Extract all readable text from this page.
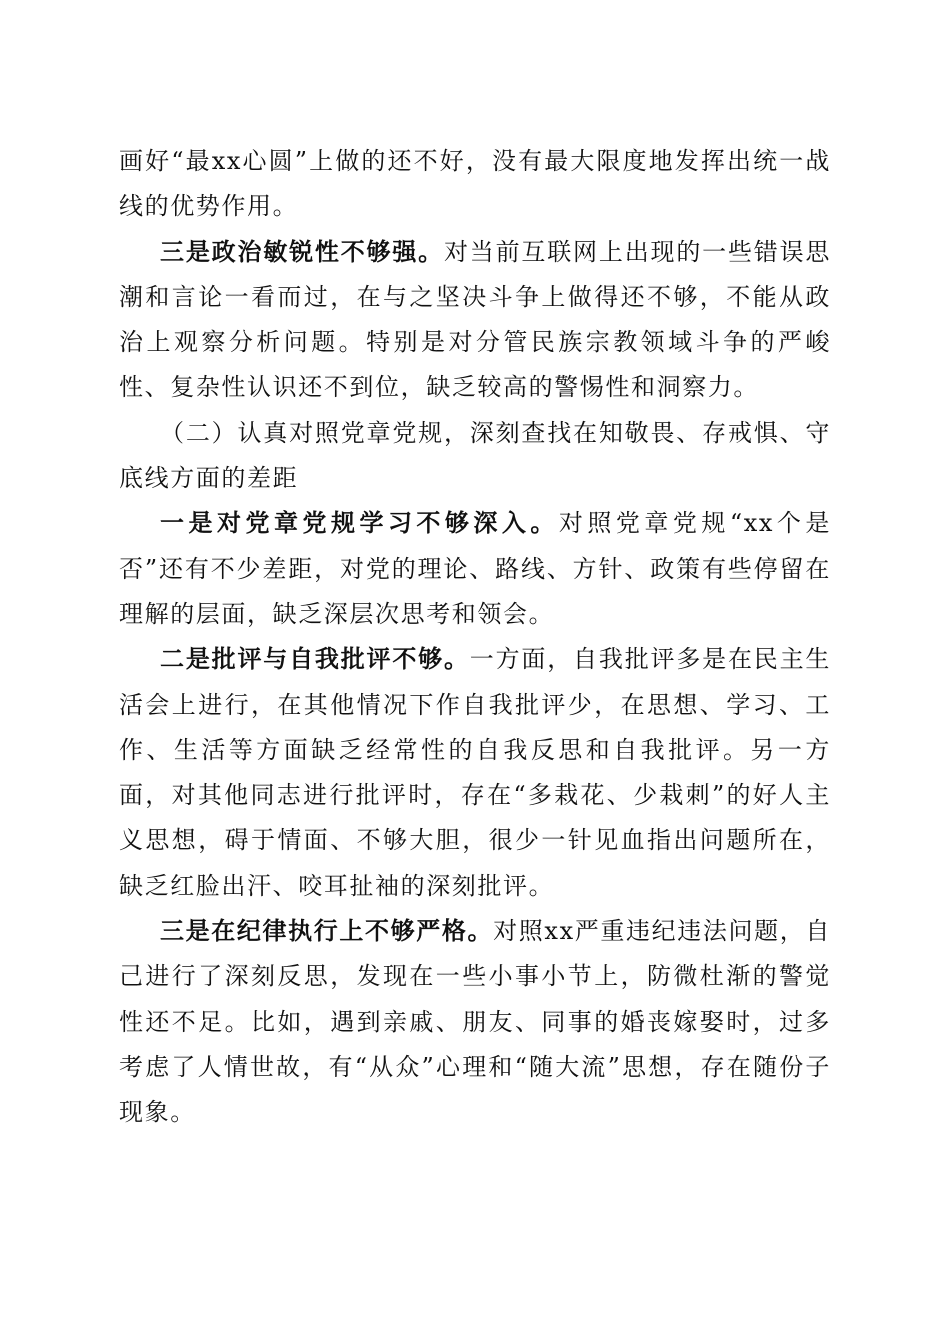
画好“最xx心圆”上做的还不好，没有最大限度地发挥出统一战线的优势作用。

三是政治敏锐性不够强。对当前互联网上出现的一些错误思潮和言论一看而过，在与之坚决斗争上做得还不够，不能从政治上观察分析问题。特别是对分管民族宗教领域斗争的严峻性、复杂性认识还不到位，缺乏较高的警惕性和洞察力。

（二）认真对照党章党规，深刻查找在知敬畏、存戒惧、守底线方面的差距

一是对党章党规学习不够深入。对照党章党规“xx个是否”还有不少差距，对党的理论、路线、方针、政策有些停留在理解的层面，缺乏深层次思考和领会。

二是批评与自我批评不够。一方面，自我批评多是在民主生活会上进行，在其他情况下作自我批评少，在思想、学习、工作、生活等方面缺乏经常性的自我反思和自我批评。另一方面，对其他同志进行批评时，存在“多栽花、少栽刺”的好人主义思想，碍于情面、不够大胆，很少一针见血指出问题所在，缺乏红脸出汗、咬耳扯袖的深刻批评。

三是在纪律执行上不够严格。对照xx严重违纪违法问题，自己进行了深刻反思，发现在一些小事小节上，防微杜渐的警觉性还不足。比如，遇到亲戚、朋友、同事的婚丧嫁娶时，过多考虑了人情世故，有“从众”心理和“随大流”思想，存在随份子现象。
